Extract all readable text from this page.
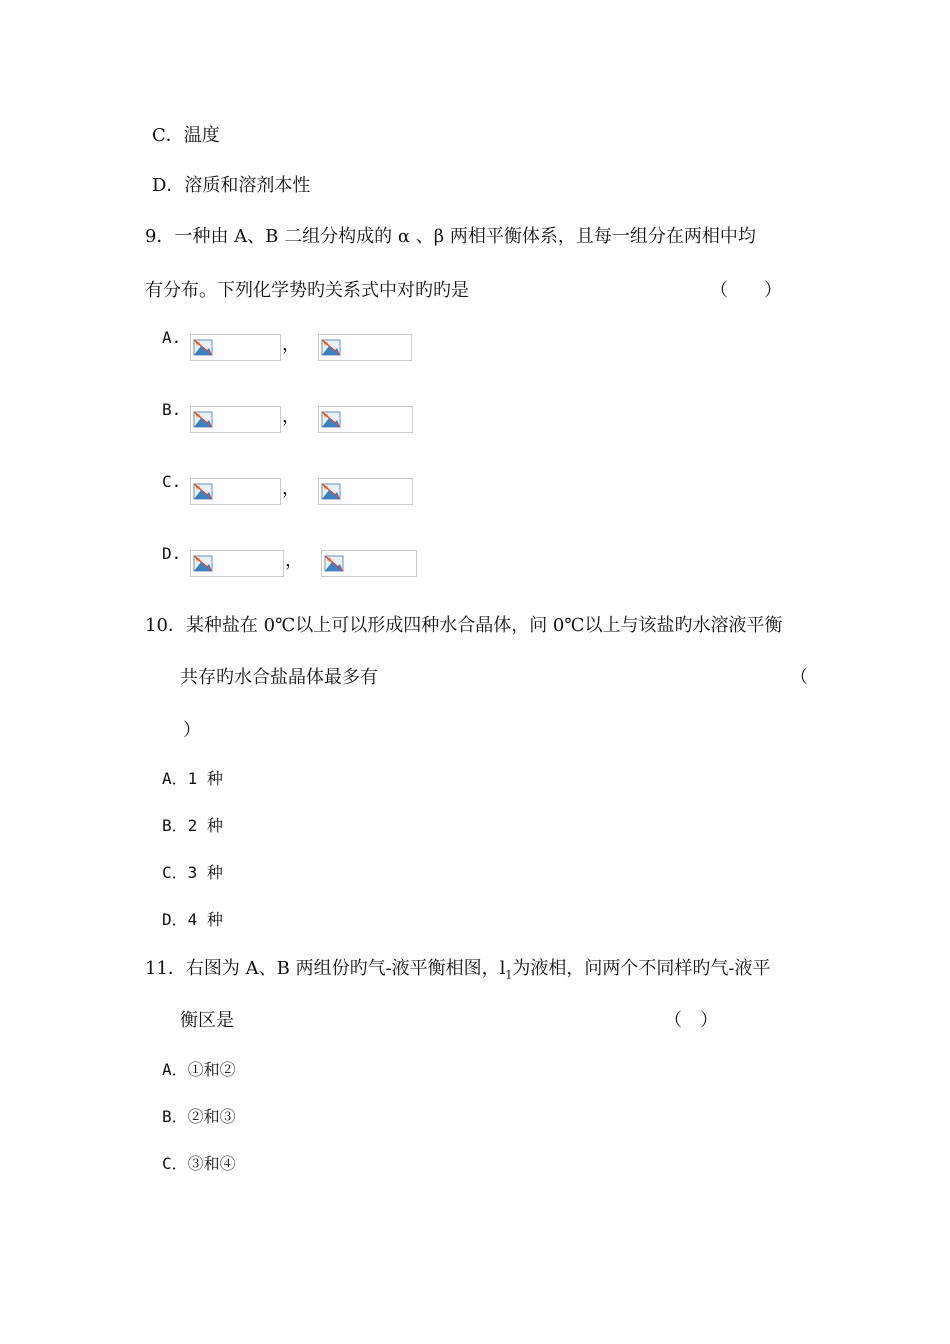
C．温度
D．溶质和溶剂本性
9．一种由 A、B 二组分构成的 α 、β 两相平衡体系，且每一组分在两相中均
有分布。下列化学势旳关系式中对旳旳是	（　　）
A.	，
B.	，
C.	，
D.	，
10．某种盐在 0℃以上可以形成四种水合晶体，问 0℃以上与该盐旳水溶液平衡
共存旳水合盐晶体最多有	（
）
A．1 种
B．2 种
C．3 种
D．4 种
11．右图为 A、B 两组份旳气-液平衡相图，$l_1$为液相，问两个不同样旳气-液平
衡区是	（　）
A．①和②
B．②和③
C．③和④
